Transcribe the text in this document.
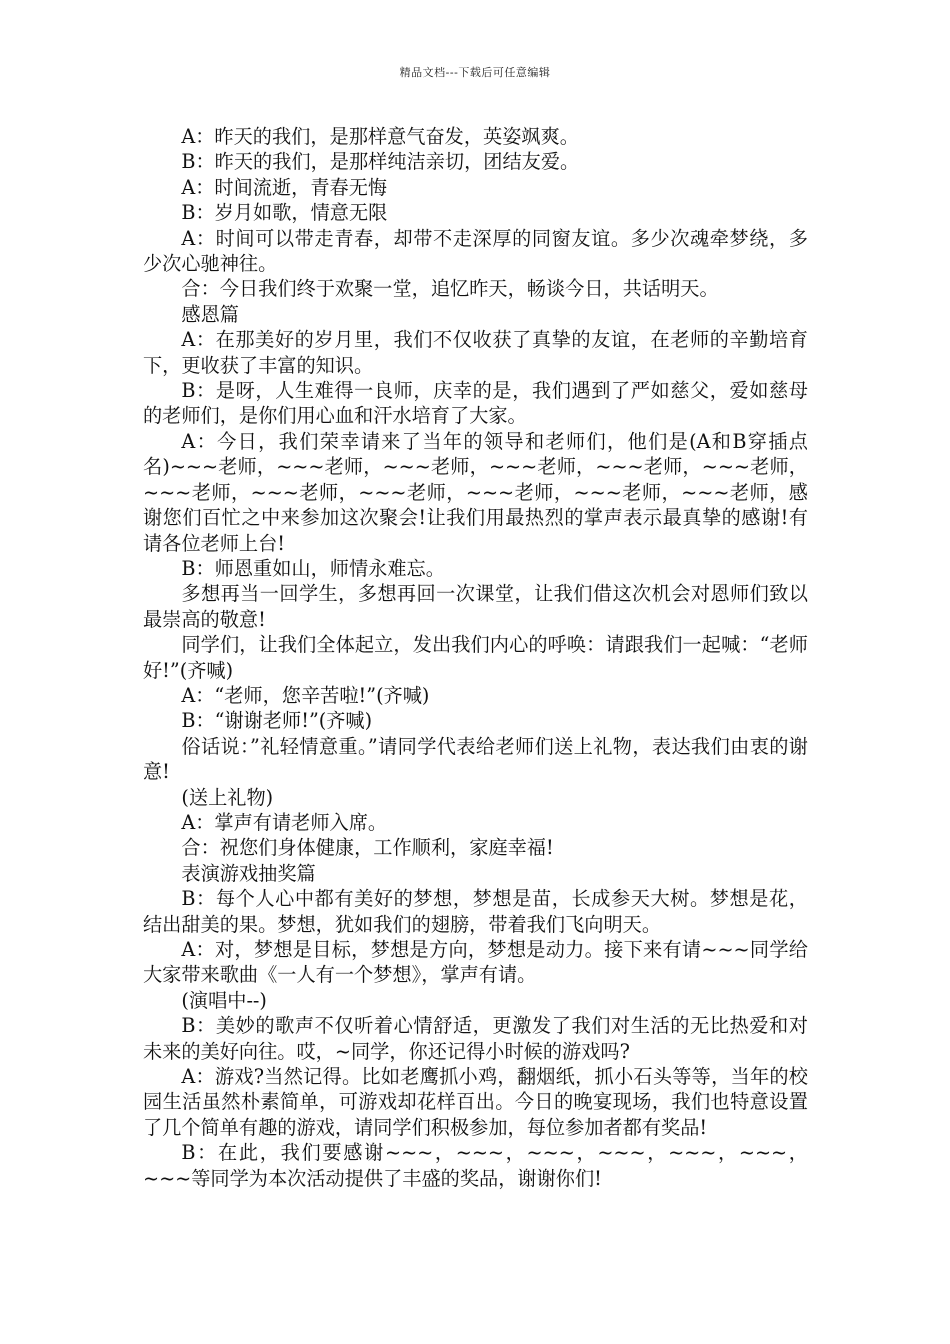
精品文档---下载后可任意编辑

A：昨天的我们，是那样意气奋发，英姿飒爽。

B：昨天的我们，是那样纯洁亲切，团结友爱。

A：时间流逝，青春无悔

B：岁月如歌，情意无限

A：时间可以带走青春，却带不走深厚的同窗友谊。多少次魂牵梦绕，多少次心驰神往。

合：今日我们终于欢聚一堂，追忆昨天，畅谈今日，共话明天。

感恩篇

A：在那美好的岁月里，我们不仅收获了真挚的友谊，在老师的辛勤培育下，更收获了丰富的知识。

B：是呀，人生难得一良师，庆幸的是，我们遇到了严如慈父，爱如慈母的老师们，是你们用心血和汗水培育了大家。

A：今日，我们荣幸请来了当年的领导和老师们，他们是(A和B穿插点名)~~~老师，~~~老师，~~~老师，~~~老师，~~~老师，~~~老师，~~~老师，~~~老师，~~~老师，~~~老师，~~~老师，~~~老师，感谢您们百忙之中来参加这次聚会!让我们用最热烈的掌声表示最真挚的感谢!有请各位老师上台!

B：师恩重如山，师情永难忘。

多想再当一回学生，多想再回一次课堂，让我们借这次机会对恩师们致以最崇高的敬意!

同学们，让我们全体起立，发出我们内心的呼唤：请跟我们一起喊：“老师好!”(齐喊)

A：“老师，您辛苦啦!”(齐喊)

B：“谢谢老师!”(齐喊)

俗话说：”礼轻情意重。”请同学代表给老师们送上礼物，表达我们由衷的谢意!

(送上礼物)

A：掌声有请老师入席。

合：祝您们身体健康，工作顺利，家庭幸福!

表演游戏抽奖篇

B：每个人心中都有美好的梦想，梦想是苗，长成参天大树。梦想是花，结出甜美的果。梦想，犹如我们的翅膀，带着我们飞向明天。

A：对，梦想是目标，梦想是方向，梦想是动力。接下来有请~~~同学给大家带来歌曲《一人有一个梦想》，掌声有请。

(演唱中--)

B：美妙的歌声不仅听着心情舒适，更激发了我们对生活的无比热爱和对未来的美好向往。哎，~同学，你还记得小时候的游戏吗?

A：游戏?当然记得。比如老鹰抓小鸡，翻烟纸，抓小石头等等，当年的校园生活虽然朴素简单，可游戏却花样百出。今日的晚宴现场，我们也特意设置了几个简单有趣的游戏，请同学们积极参加，每位参加者都有奖品!

B：在此，我们要感谢~~~，~~~，~~~，~~~，~~~，~~~，~~~等同学为本次活动提供了丰盛的奖品，谢谢你们!
